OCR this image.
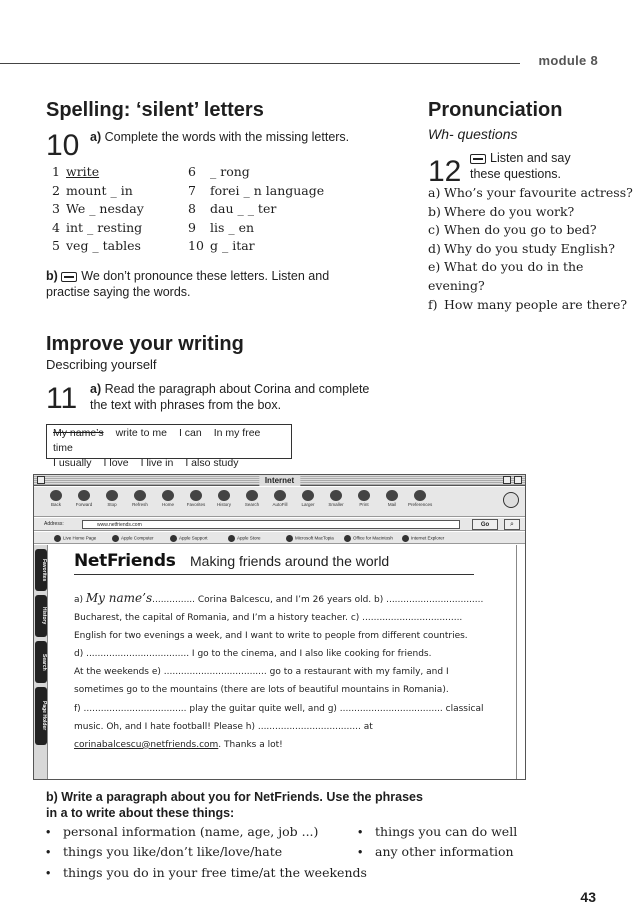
module 8
Spelling: ‘silent’ letters
10 a) Complete the words with the missing letters.
1 write
2 mount _ in
3 We _ nesday
4 int _ resting
5 veg _ tables
6 _ rong
7 forei _ n language
8 dau _ _ ter
9 lis _ en
10 g _ itar
b) We don’t pronounce these letters. Listen and practise saying the words.
Pronunciation
Wh- questions
12	Listen and say
these questions.
a) Who’s your favourite actress?
b) Where do you work?
c) When do you go to bed?
d) Why do you study English?
e) What do you do in the evening?
f) How many people are there?
Improve your writing
Describing yourself
11 a) Read the paragraph about Corina and complete
the text with phrases from the box.
My name’s write to me I can In my free time
I usually I love I live in I also study
Internet
Back	Forward	Stop	Refresh	Home	Favorites	History	Search	AutoFill	Larger	Smaller	Print	Mail	Preferences
Address:	www.netfriends.com	Go	⌕
Live Home Page	Apple Computer	Apple Support	Apple Store	Microsoft MacTopia	Office for Macintosh	Internet Explorer
Favorites
History
Search
Page Holder
NetFriends Making friends around the world
a) My name’s............... Corina Balcescu, and I’m 26 years old. b) ..................................
Bucharest, the capital of Romania, and I’m a history teacher. c) ...................................
English for two evenings a week, and I want to write to people from different countries.
d) .................................... I go to the cinema, and I also like cooking for friends.
At the weekends e) .................................... go to a restaurant with my family, and I
sometimes go to the mountains (there are lots of beautiful mountains in Romania).
f) .................................... play the guitar quite well, and g) .................................... classical
music. Oh, and I hate football! Please h) .................................... at
corinabalcescu@netfriends.com. Thanks a lot!
b) Write a paragraph about you for NetFriends. Use the phrases
in a to write about these things:
• personal information (name, age, job ...)
• things you like/don’t like/love/hate
• things you do in your free time/at the weekends
• things you can do well
• any other information
43
